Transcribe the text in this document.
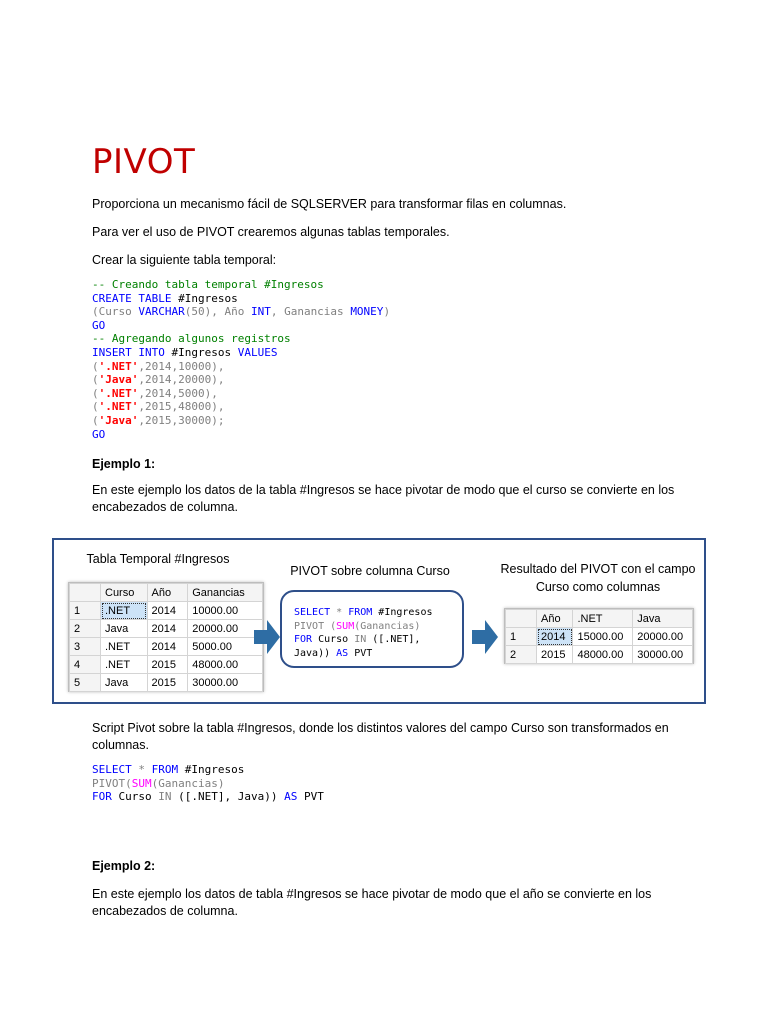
PIVOT
Proporciona un mecanismo fácil de SQLSERVER para transformar filas en columnas.
Para ver el uso de PIVOT crearemos algunas tablas temporales.
Crear la siguiente tabla temporal:
-- Creando tabla temporal #Ingresos
CREATE TABLE #Ingresos
(Curso VARCHAR(50), Año INT, Ganancias MONEY)
GO
-- Agregando algunos registros
INSERT INTO #Ingresos VALUES
('.NET',2014,10000),
('Java',2014,20000),
('.NET',2014,5000),
('.NET',2015,48000),
('Java',2015,30000);
GO
Ejemplo 1:
En este ejemplo los datos de la tabla #Ingresos se hace pivotar de modo que el curso se convierte en los encabezados de columna.
Tabla Temporal #Ingresos
PIVOT sobre columna Curso	Resultado del PIVOT con el campo Curso como columnas
	Curso	Año	Ganancias
1	.NET	2014	10000.00
2	Java	2014	20000.00
3	.NET	2014	5000.00
4	.NET	2015	48000.00
5	Java	2015	30000.00
	Año	.NET	Java
1	2014	15000.00	20000.00
2	2015	48000.00	30000.00
SELECT * FROM #Ingresos
PIVOT (SUM(Ganancias)
FOR Curso IN ([.NET],
Java)) AS PVT
Script Pivot sobre la tabla #Ingresos, donde los distintos valores del campo Curso son transformados en columnas.
SELECT * FROM #Ingresos
PIVOT(SUM(Ganancias)
FOR Curso IN ([.NET], Java)) AS PVT
Ejemplo 2:
En este ejemplo los datos de tabla #Ingresos se hace pivotar de modo que el año se convierte en los encabezados de columna.
